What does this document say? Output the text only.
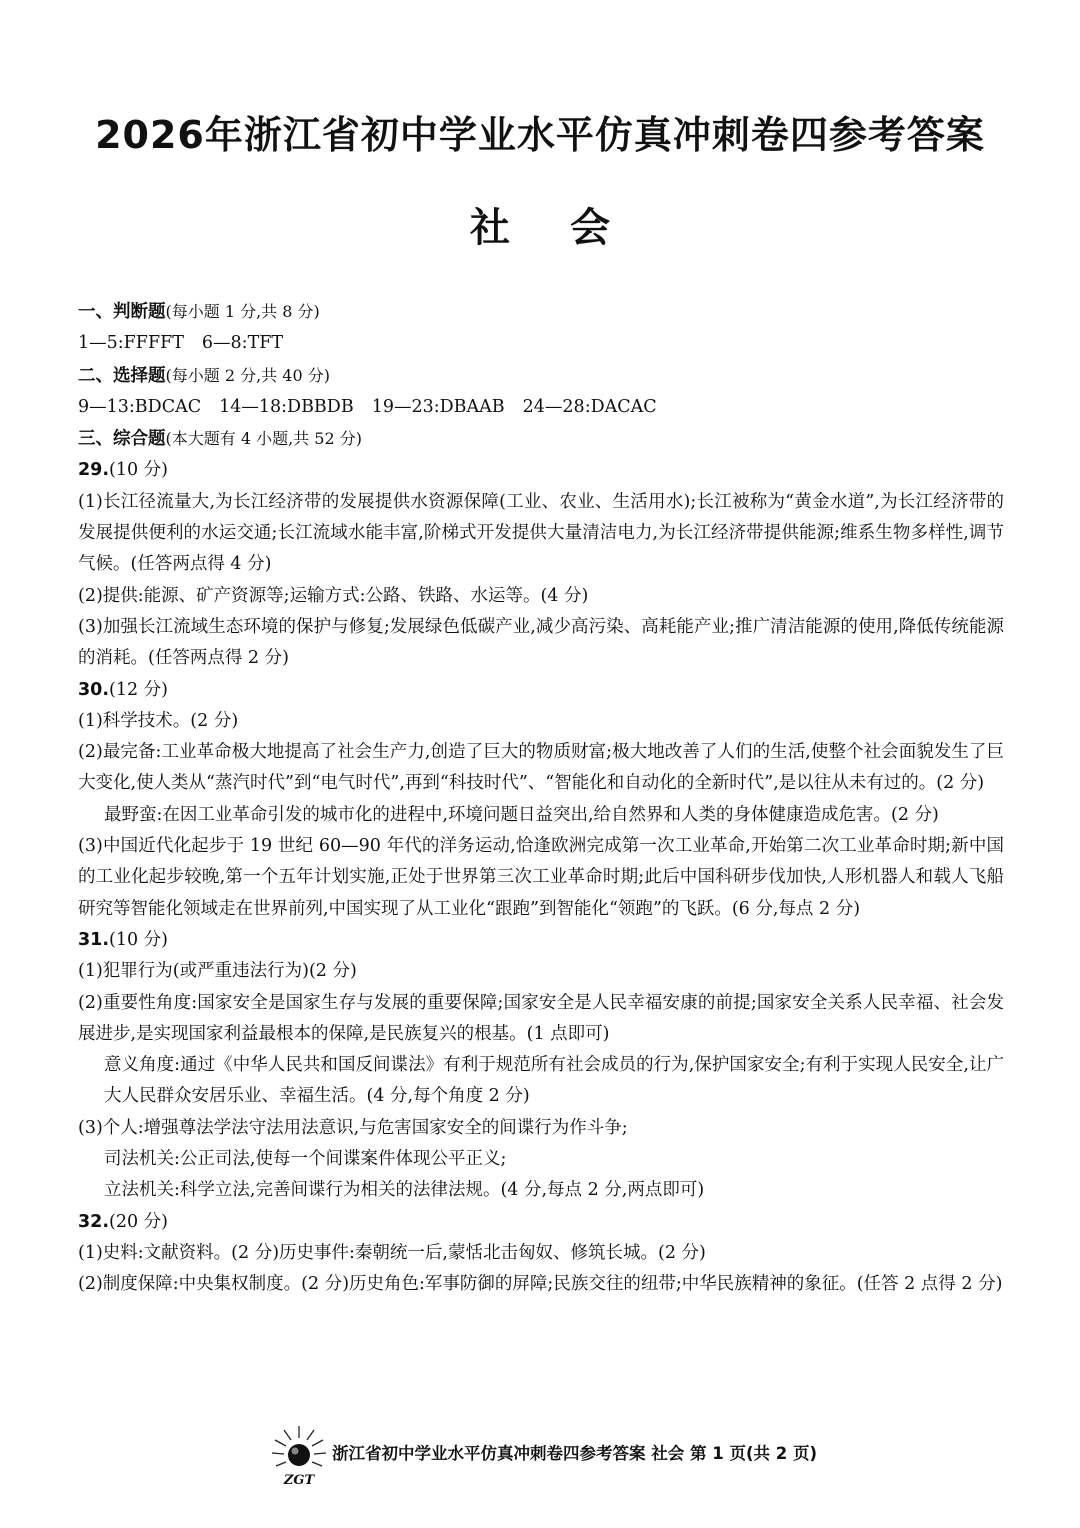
2026年浙江省初中学业水平仿真冲刺卷四参考答案
社会
一、判断题(每小题 1 分,共 8 分)
1—5:FFFFT 6—8:TFT
二、选择题(每小题 2 分,共 40 分)
9—13:BDCAC 14—18:DBBDB 19—23:DBAAB 24—28:DACAC
三、综合题(本大题有 4 小题,共 52 分)
29.(10 分)
(1)长江径流量大,为长江经济带的发展提供水资源保障(工业、农业、生活用水);长江被称为“黄金水道”,为长江经济带的发展提供便利的水运交通;长江流域水能丰富,阶梯式开发提供大量清洁电力,为长江经济带提供能源;维系生物多样性,调节气候。(任答两点得 4 分)
(2)提供:能源、矿产资源等;运输方式:公路、铁路、水运等。(4 分)
(3)加强长江流域生态环境的保护与修复;发展绿色低碳产业,减少高污染、高耗能产业;推广清洁能源的使用,降低传统能源的消耗。(任答两点得 2 分)
30.(12 分)
(1)科学技术。(2 分)
(2)最完备:工业革命极大地提高了社会生产力,创造了巨大的物质财富;极大地改善了人们的生活,使整个社会面貌发生了巨大变化,使人类从“蒸汽时代”到“电气时代”,再到“科技时代”、“智能化和自动化的全新时代”,是以往从未有过的。(2 分)
最野蛮:在因工业革命引发的城市化的进程中,环境问题日益突出,给自然界和人类的身体健康造成危害。(2 分)
(3)中国近代化起步于 19 世纪 60—90 年代的洋务运动,恰逢欧洲完成第一次工业革命,开始第二次工业革命时期;新中国的工业化起步较晚,第一个五年计划实施,正处于世界第三次工业革命时期;此后中国科研步伐加快,人形机器人和载人飞船研究等智能化领域走在世界前列,中国实现了从工业化“跟跑”到智能化“领跑”的飞跃。(6 分,每点 2 分)
31.(10 分)
(1)犯罪行为(或严重违法行为)(2 分)
(2)重要性角度:国家安全是国家生存与发展的重要保障;国家安全是人民幸福安康的前提;国家安全关系人民幸福、社会发展进步,是实现国家利益最根本的保障,是民族复兴的根基。(1 点即可)
意义角度:通过《中华人民共和国反间谍法》有利于规范所有社会成员的行为,保护国家安全;有利于实现人民安全,让广大人民群众安居乐业、幸福生活。(4 分,每个角度 2 分)
(3)个人:增强尊法学法守法用法意识,与危害国家安全的间谍行为作斗争;
司法机关:公正司法,使每一个间谍案件体现公平正义;
立法机关:科学立法,完善间谍行为相关的法律法规。(4 分,每点 2 分,两点即可)
32.(20 分)
(1)史料:文献资料。(2 分)历史事件:秦朝统一后,蒙恬北击匈奴、修筑长城。(2 分)
(2)制度保障:中央集权制度。(2 分)历史角色:军事防御的屏障;民族交往的纽带;中华民族精神的象征。(任答 2 点得 2 分)
ZGT
浙江省初中学业水平仿真冲刺卷四参考答案 社会 第 1 页(共 2 页)
